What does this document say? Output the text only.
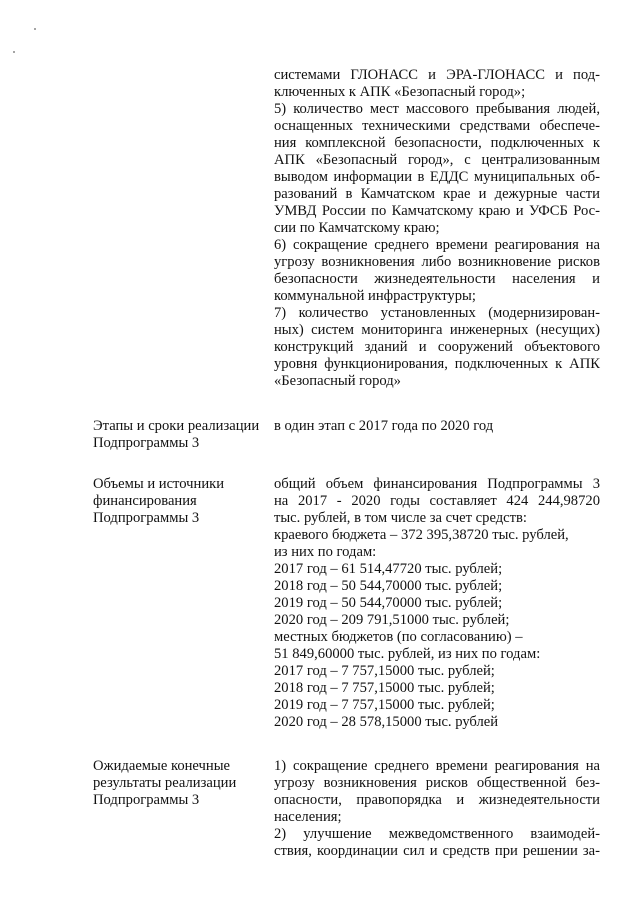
системами ГЛОНАСС и ЭРА-ГЛОНАСС и под-
ключенных к АПК «Безопасный город»;
5) количество мест массового пребывания людей,
оснащенных техническими средствами обеспече-
ния комплексной безопасности, подключенных к
АПК «Безопасный город», с централизованным
выводом информации в ЕДДС муниципальных об-
разований в Камчатском крае и дежурные части
УМВД России по Камчатскому краю и УФСБ Рос-
сии по Камчатскому краю;
6) сокращение среднего времени реагирования на
угрозу возникновения либо возникновение рисков
безопасности жизнедеятельности населения и
коммунальной инфраструктуры;
7) количество установленных (модернизирован-
ных) систем мониторинга инженерных (несущих)
конструкций зданий и сооружений объектового
уровня функционирования, подключенных к АПК
«Безопасный город»
Этапы и сроки реализации
Подпрограммы 3
в один этап с 2017 года по 2020 год
Объемы и источники
финансирования
Подпрограммы 3
общий объем финансирования Подпрограммы 3
на 2017 - 2020 годы составляет 424 244,98720
тыс. рублей, в том числе за счет средств:
краевого бюджета – 372 395,38720 тыс. рублей,
из них по годам:
2017 год – 61 514,47720 тыс. рублей;
2018 год – 50 544,70000 тыс. рублей;
2019 год – 50 544,70000 тыс. рублей;
2020 год – 209 791,51000 тыс. рублей;
местных бюджетов (по согласованию) –
51 849,60000 тыс. рублей, из них по годам:
2017 год – 7 757,15000 тыс. рублей;
2018 год – 7 757,15000 тыс. рублей;
2019 год – 7 757,15000 тыс. рублей;
2020 год – 28 578,15000 тыс. рублей
Ожидаемые конечные
результаты реализации
Подпрограммы 3
1) сокращение среднего времени реагирования на
угрозу возникновения рисков общественной без-
опасности, правопорядка и жизнедеятельности
населения;
2) улучшение межведомственного взаимодей-
ствия, координации сил и средств при решении за-
